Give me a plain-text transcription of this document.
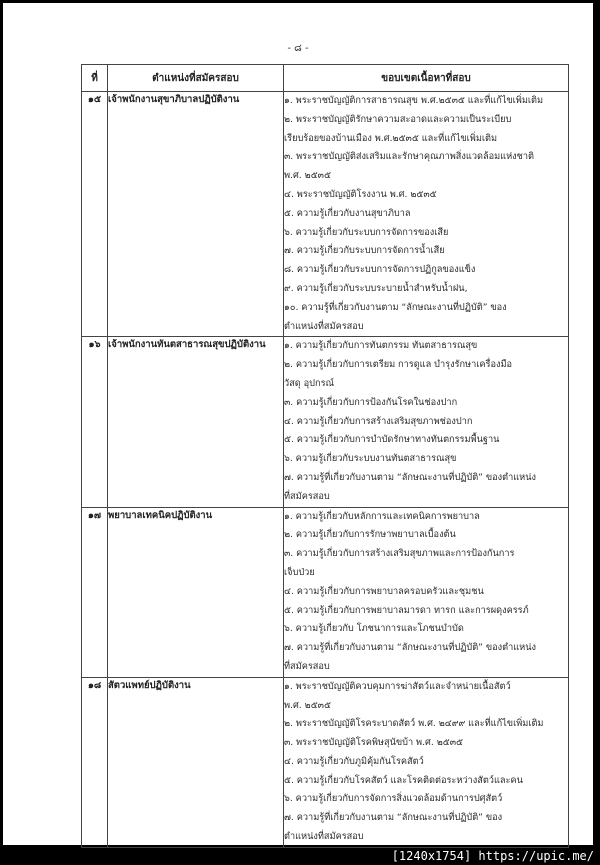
- ๘ -
ที่	ตำแหน่งที่สมัครสอบ	ขอบเขตเนื้อหาที่สอบ
๑๕	เจ้าพนักงานสุขาภิบาลปฏิบัติงาน	๑. พระราชบัญญัติการสาธารณสุข พ.ศ.๒๕๓๕ และที่แก้ไขเพิ่มเติม
๒. พระราชบัญญัติรักษาความสะอาดและความเป็นระเบียบ
เรียบร้อยของบ้านเมือง พ.ศ.๒๕๓๕ และที่แก้ไขเพิ่มเติม
๓. พระราชบัญญัติส่งเสริมและรักษาคุณภาพสิ่งแวดล้อมแห่งชาติ
พ.ศ. ๒๕๓๕
๔. พระราชบัญญัติโรงงาน พ.ศ. ๒๕๓๕
๕. ความรู้เกี่ยวกับงานสุขาภิบาล
๖. ความรู้เกี่ยวกับระบบการจัดการของเสีย
๗. ความรู้เกี่ยวกับระบบการจัดการน้ำเสีย
๘. ความรู้เกี่ยวกับระบบการจัดการปฏิกูลของแข็ง
๙. ความรู้เกี่ยวกับระบบระบายน้ำสำหรับน้ำฝน,
๑๐. ความรู้ที่เกี่ยวกับงานตาม “ลักษณะงานที่ปฏิบัติ” ของ
ตำแหน่งที่สมัครสอบ

๑๖	เจ้าพนักงานทันตสาธารณสุขปฏิบัติงาน	๑. ความรู้เกี่ยวกับการทันตกรรม ทันตสาธารณสุข
๒. ความรู้เกี่ยวกับการเตรียม การดูแล บำรุงรักษาเครื่องมือ
วัสดุ อุปกรณ์
๓. ความรู้เกี่ยวกับการป้องกันโรคในช่องปาก
๔. ความรู้เกี่ยวกับการสร้างเสริมสุขภาพช่องปาก
๕. ความรู้เกี่ยวกับการบำบัดรักษาทางทันตกรรมพื้นฐาน
๖. ความรู้เกี่ยวกับระบบงานทันตสาธารณสุข
๗. ความรู้ที่เกี่ยวกับงานตาม “ลักษณะงานที่ปฏิบัติ” ของตำแหน่ง
ที่สมัครสอบ

๑๗	พยาบาลเทคนิคปฏิบัติงาน	๑. ความรู้เกี่ยวกับหลักการและเทคนิคการพยาบาล
๒. ความรู้เกี่ยวกับการรักษาพยาบาลเบื้องต้น
๓. ความรู้เกี่ยวกับการสร้างเสริมสุขภาพและการป้องกันการ
เจ็บป่วย
๔. ความรู้เกี่ยวกับการพยาบาลครอบครัวและชุมชน
๕. ความรู้เกี่ยวกับการพยาบาลมารดา ทารก และการผดุงครรภ์
๖. ความรู้เกี่ยวกับ โภชนาการและโภชนบำบัด
๗. ความรู้ที่เกี่ยวกับงานตาม “ลักษณะงานที่ปฏิบัติ” ของตำแหน่ง
ที่สมัครสอบ

๑๘	สัตวแพทย์ปฏิบัติงาน	๑. พระราชบัญญัติควบคุมการฆ่าสัตว์และจำหน่ายเนื้อสัตว์
พ.ศ. ๒๕๓๕
๒. พระราชบัญญัติโรคระบาดสัตว์ พ.ศ. ๒๔๙๙ และที่แก้ไขเพิ่มเติม
๓. พระราชบัญญัติโรคพิษสุนัขบ้า พ.ศ. ๒๕๓๕
๔. ความรู้เกี่ยวกับภูมิคุ้มกันโรคสัตว์
๕. ความรู้เกี่ยวกับโรคสัตว์ และโรคติดต่อระหว่างสัตว์และคน
๖. ความรู้เกี่ยวกับการจัดการสิ่งแวดล้อมด้านการปศุสัตว์
๗. ความรู้ที่เกี่ยวกับงานตาม “ลักษณะงานที่ปฏิบัติ” ของ
ตำแหน่งที่สมัครสอบ
[1240x1754] https://upic.me/
